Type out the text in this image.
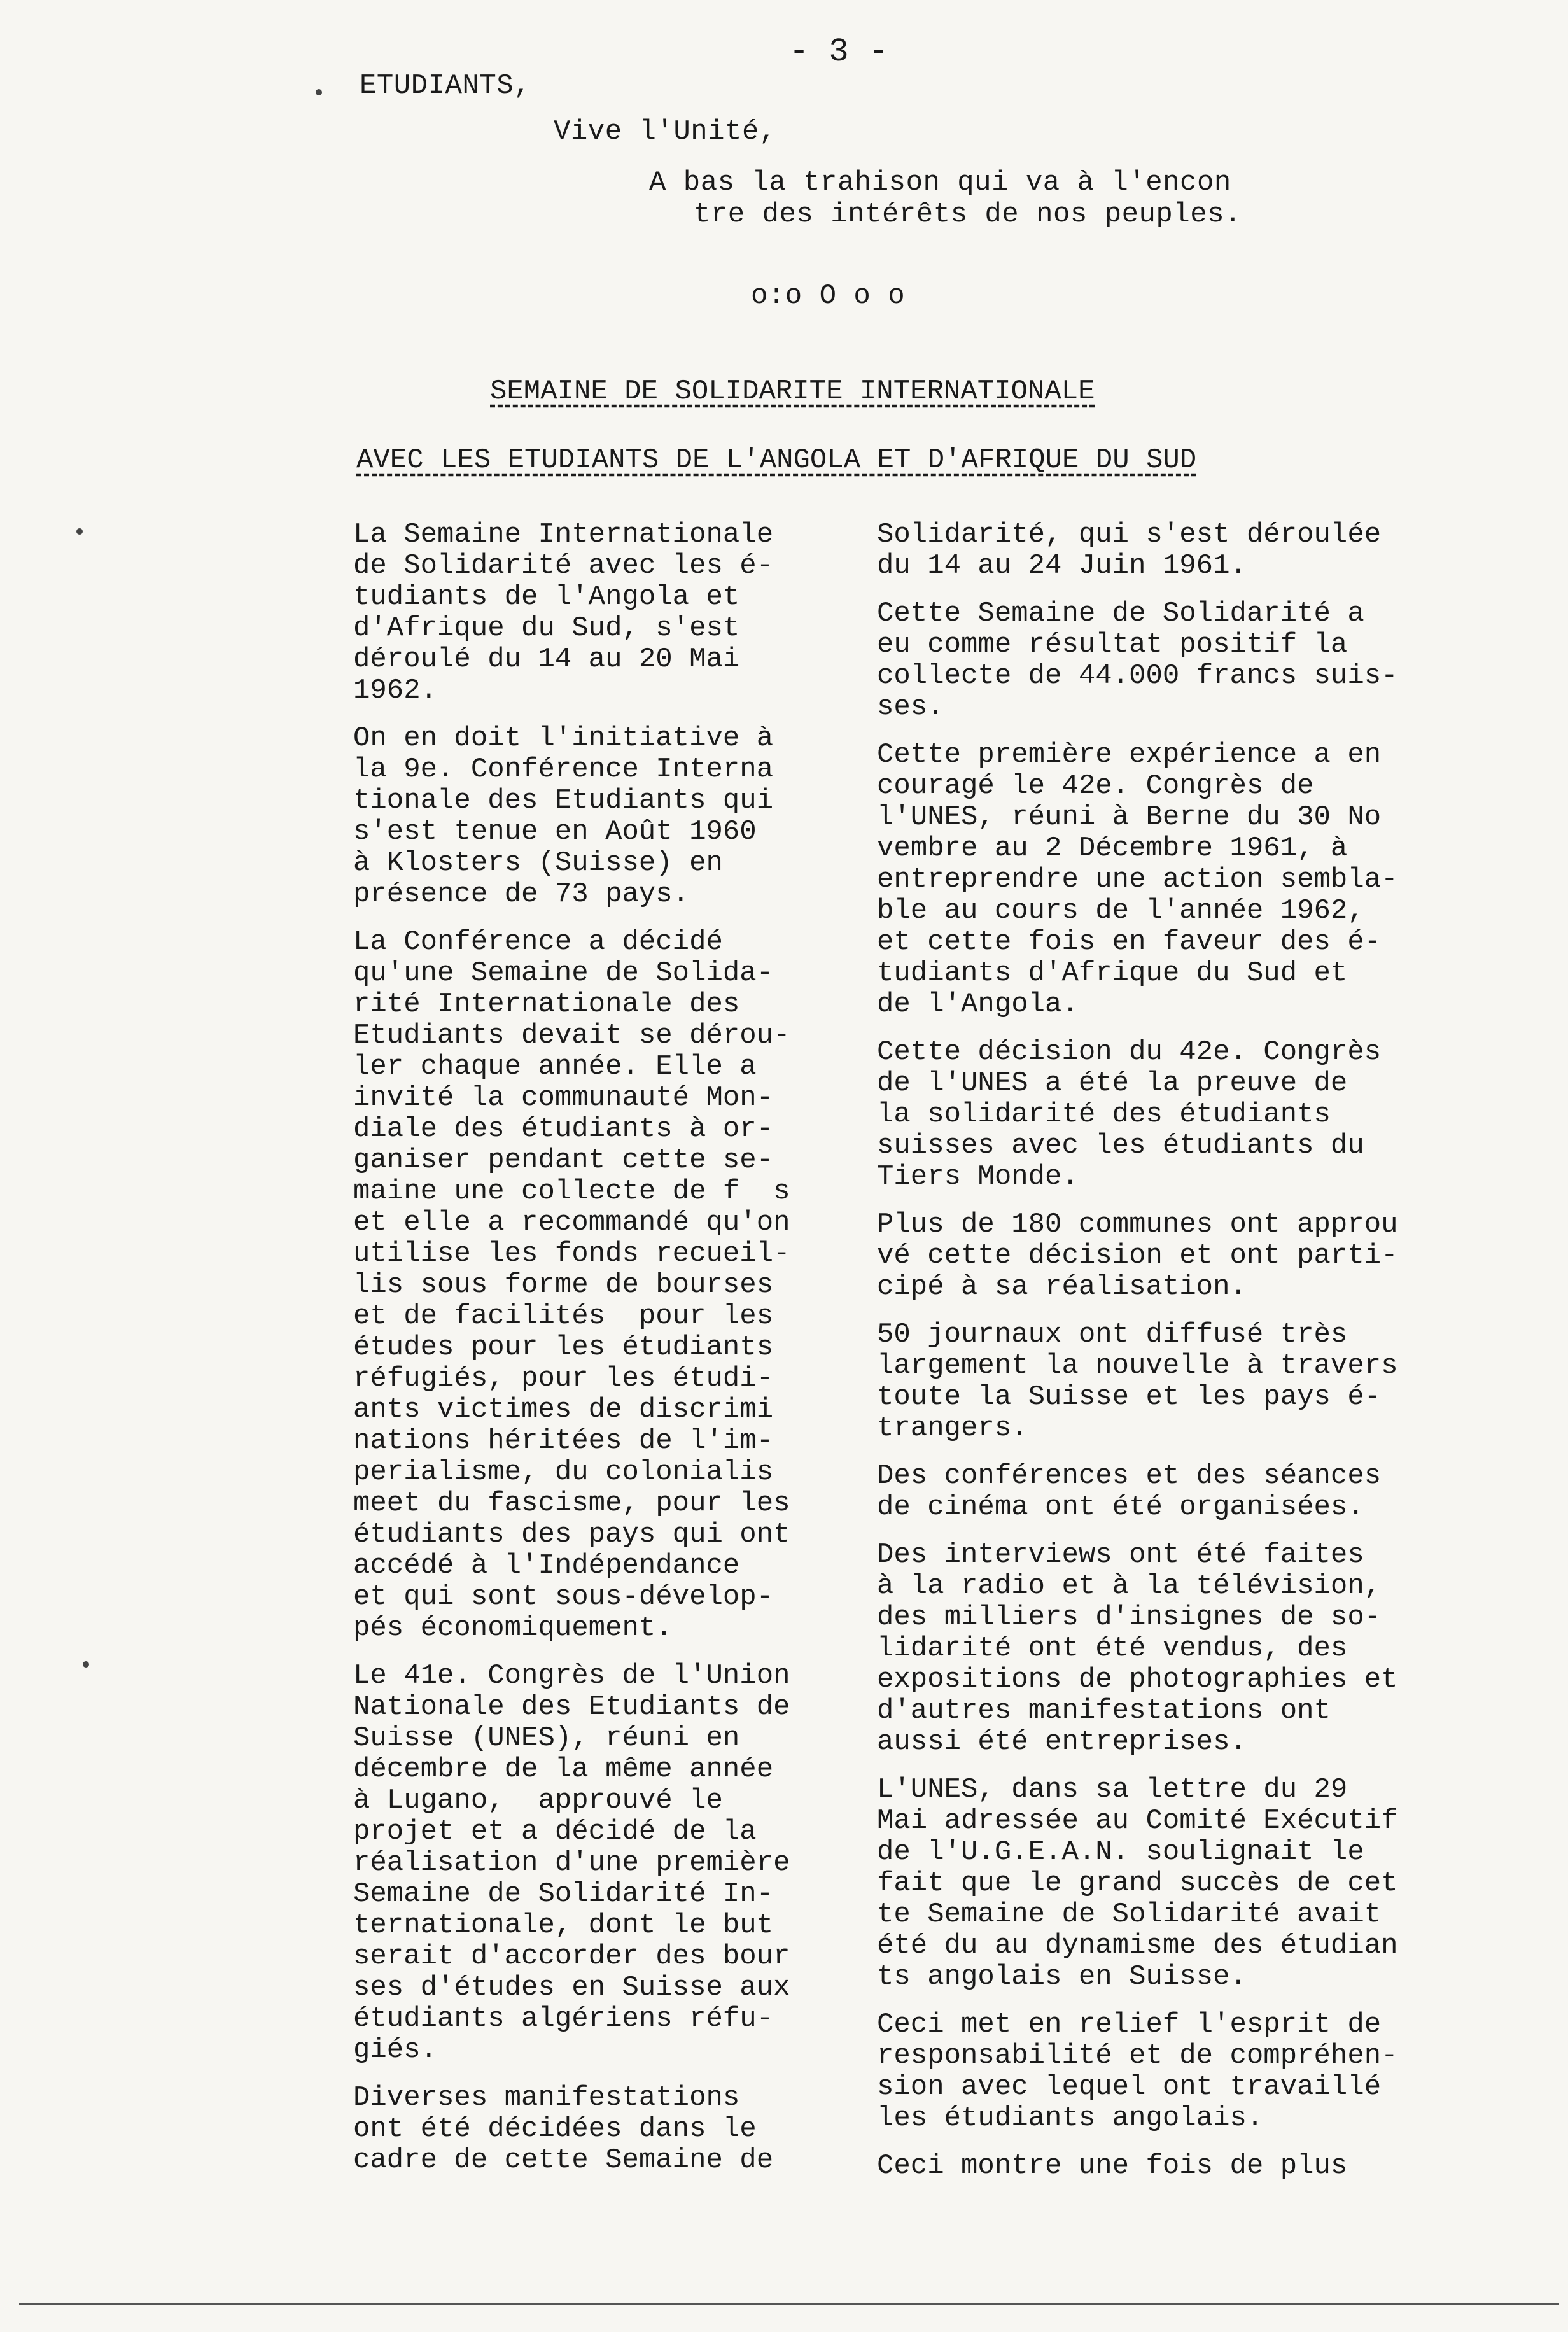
- 3 -
ETUDIANTS,
Vive l'Unité,
A bas la trahison qui va à l'encon
tre des intérêts de nos peuples.
o:o O o o
SEMAINE DE SOLIDARITE INTERNATIONALE
AVEC LES ETUDIANTS DE L'ANGOLA ET D'AFRIQUE DU SUD

La Semaine Internationale
de Solidarité avec les é-
tudiants de l'Angola et
d'Afrique du Sud, s'est
déroulé du 14 au 20 Mai
1962.

On en doit l'initiative à
la 9e. Conférence Interna
tionale des Etudiants qui
s'est tenue en Août 1960
à Klosters (Suisse) en
présence de 73 pays.

La Conférence a décidé
qu'une Semaine de Solida-
rité Internationale des
Etudiants devait se dérou-
ler chaque année. Elle a
invité la communauté Mon-
diale des étudiants à or-
ganiser pendant cette se-
maine une collecte de f  s
et elle a recommandé qu'on
utilise les fonds recueil-
lis sous forme de bourses
et de facilités  pour les
études pour les étudiants
réfugiés, pour les étudi-
ants victimes de discrimi
nations héritées de l'im-
perialisme, du colonialis
meet du fascisme, pour les
étudiants des pays qui ont
accédé à l'Indépendance
et qui sont sous-dévelop-
pés économiquement.

Le 41e. Congrès de l'Union
Nationale des Etudiants de
Suisse (UNES), réuni en
décembre de la même année
à Lugano,  approuvé le
projet et a décidé de la
réalisation d'une première
Semaine de Solidarité In-
ternationale, dont le but
serait d'accorder des bour
ses d'études en Suisse aux
étudiants algériens réfu-
giés.

Diverses manifestations
ont été décidées dans le
cadre de cette Semaine de

Solidarité, qui s'est déroulée
du 14 au 24 Juin 1961.

Cette Semaine de Solidarité a
eu comme résultat positif la
collecte de 44.000 francs suis-
ses.

Cette première expérience a en
couragé le 42e. Congrès de
l'UNES, réuni à Berne du 30 No
vembre au 2 Décembre 1961, à
entreprendre une action sembla-
ble au cours de l'année 1962,
et cette fois en faveur des é-
tudiants d'Afrique du Sud et
de l'Angola.

Cette décision du 42e. Congrès
de l'UNES a été la preuve de
la solidarité des étudiants
suisses avec les étudiants du
Tiers Monde.

Plus de 180 communes ont approu
vé cette décision et ont parti-
cipé à sa réalisation.

50 journaux ont diffusé très
largement la nouvelle à travers
toute la Suisse et les pays é-
trangers.

Des conférences et des séances
de cinéma ont été organisées.

Des interviews ont été faites
à la radio et à la télévision,
des milliers d'insignes de so-
lidarité ont été vendus, des
expositions de photographies et
d'autres manifestations ont
aussi été entreprises.

L'UNES, dans sa lettre du 29
Mai adressée au Comité Exécutif
de l'U.G.E.A.N. soulignait le
fait que le grand succès de cet
te Semaine de Solidarité avait
été du au dynamisme des étudian
ts angolais en Suisse.

Ceci met en relief l'esprit de
responsabilité et de compréhen-
sion avec lequel ont travaillé
les étudiants angolais.

Ceci montre une fois de plus
